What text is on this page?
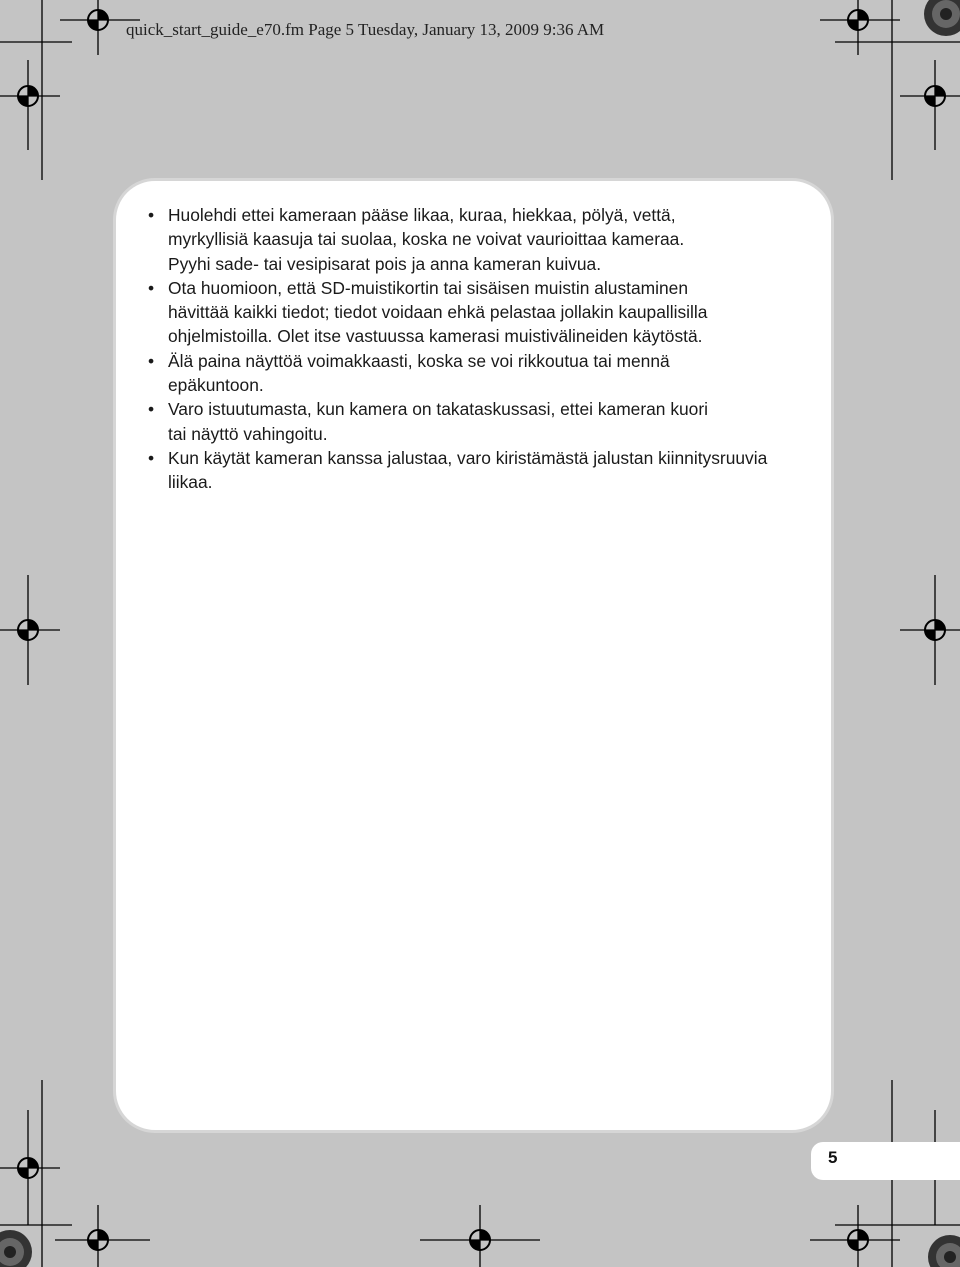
quick_start_guide_e70.fm Page 5 Tuesday, January 13, 2009 9:36 AM
• Huolehdi ettei kameraan pääse likaa, kuraa, hiekkaa, pölyä, vettä,
myrkyllisiä kaasuja tai suolaa, koska ne voivat vaurioittaa kameraa.
Pyyhi sade- tai vesipisarat pois ja anna kameran kuivua.
• Ota huomioon, että SD-muistikortin tai sisäisen muistin alustaminen
hävittää kaikki tiedot; tiedot voidaan ehkä pelastaa jollakin kaupallisilla
ohjelmistoilla. Olet itse vastuussa kamerasi muistivälineiden käytöstä.
• Älä paina näyttöä voimakkaasti, koska se voi rikkoutua tai mennä
epäkuntoon.
• Varo istuutumasta, kun kamera on takataskussasi, ettei kameran kuori
tai näyttö vahingoitu.
• Kun käytät kameran kanssa jalustaa, varo kiristämästä jalustan kiinnitysruuvia
liikaa.
5
